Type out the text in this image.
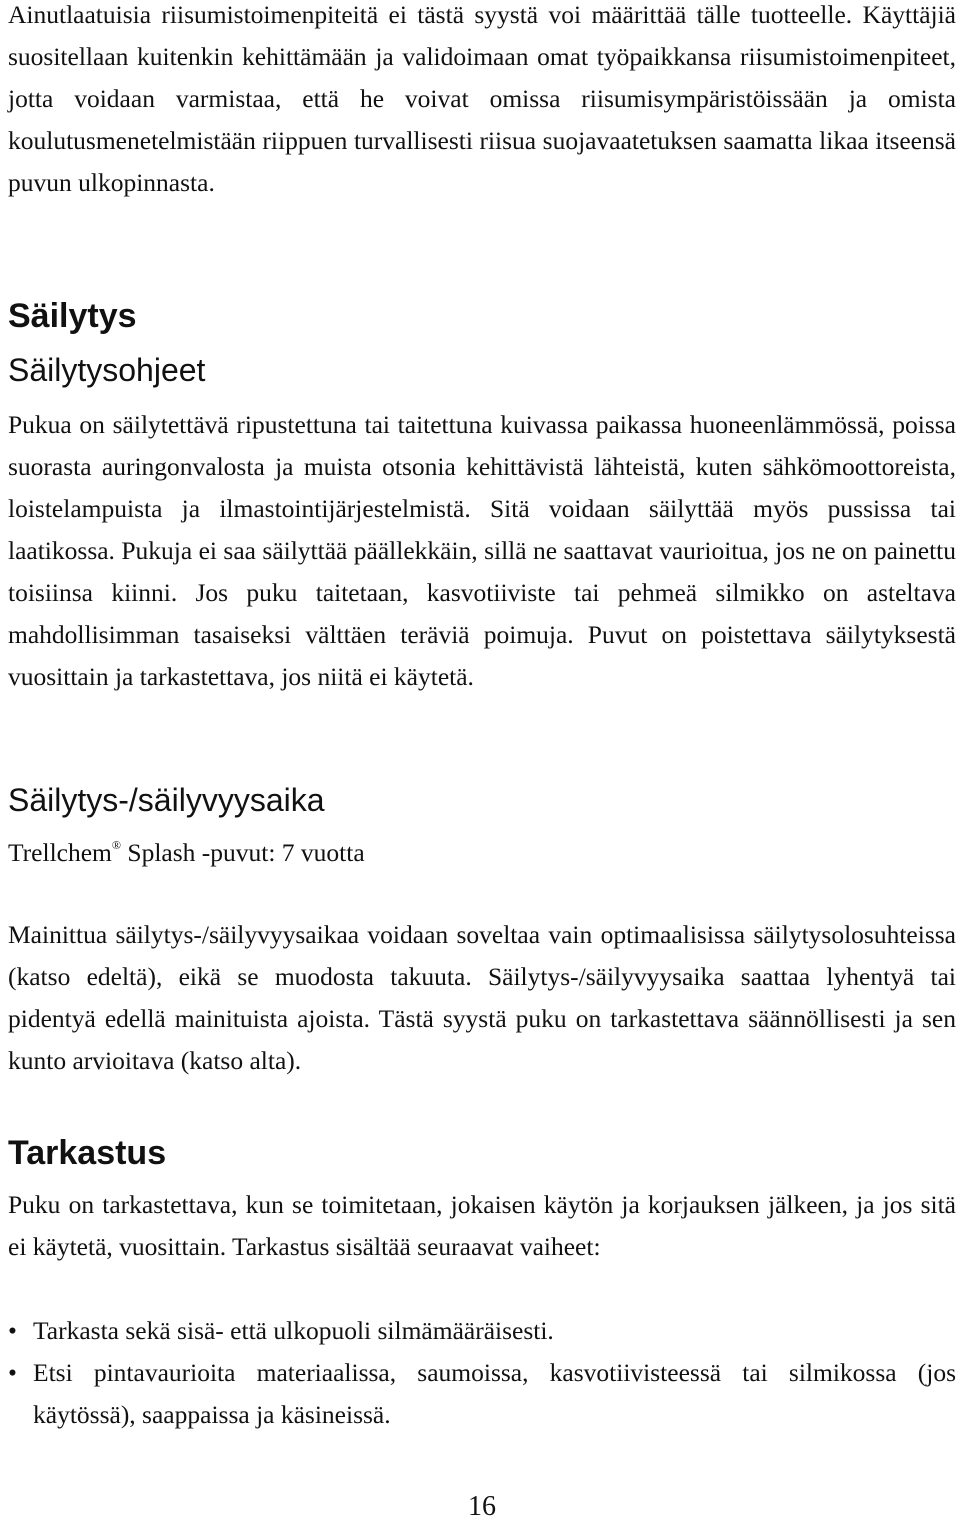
Ainutlaatuisia riisumistoimenpiteitä ei tästä syystä voi määrittää tälle tuotteelle. Käyttäjiä suositellaan kuitenkin kehittämään ja validoimaan omat työpaikkansa riisumistoimenpiteet, jotta voidaan varmistaa, että he voivat omissa riisumisympäristöissään ja omista koulutusmenetelmistään riippuen turvallisesti riisua suojavaatetuksen saamatta likaa itseensä puvun ulkopinnasta.

Säilytys
Säilytysohjeet

Pukua on säilytettävä ripustettuna tai taitettuna kuivassa paikassa huoneenlämmössä, poissa suorasta auringonvalosta ja muista otsonia kehittävistä lähteistä, kuten sähkömoottoreista, loistelampuista ja ilmastointijärjestelmistä. Sitä voidaan säilyttää myös pussissa tai laatikossa. Pukuja ei saa säilyttää päällekkäin, sillä ne saattavat vaurioitua, jos ne on painettu toisiinsa kiinni. Jos puku taitetaan, kasvotiiviste tai pehmeä silmikko on asteltava mahdollisimman tasaiseksi välttäen teräviä poimuja. Puvut on poistettava säilytyksestä vuosittain ja tarkastettava, jos niitä ei käytetä.

Säilytys-/säilyvyysaika

Trellchem® Splash -puvut: 7 vuotta

Mainittua säilytys-/säilyvyysaikaa voidaan soveltaa vain optimaalisissa säilytysolosuhteissa (katso edeltä), eikä se muodosta takuuta. Säilytys-/säilyvyysaika saattaa lyhentyä tai pidentyä edellä mainituista ajoista. Tästä syystä puku on tarkastettava säännöllisesti ja sen kunto arvioitava (katso alta).

Tarkastus

Puku on tarkastettava, kun se toimitetaan, jokaisen käytön ja korjauksen jälkeen, ja jos sitä ei käytetä, vuosittain. Tarkastus sisältää seuraavat vaiheet:

• Tarkasta sekä sisä- että ulkopuoli silmämääräisesti.
• Etsi pintavaurioita materiaalissa, saumoissa, kasvotiivisteessä tai silmikossa (jos käytössä), saappaissa ja käsineissä.
16
